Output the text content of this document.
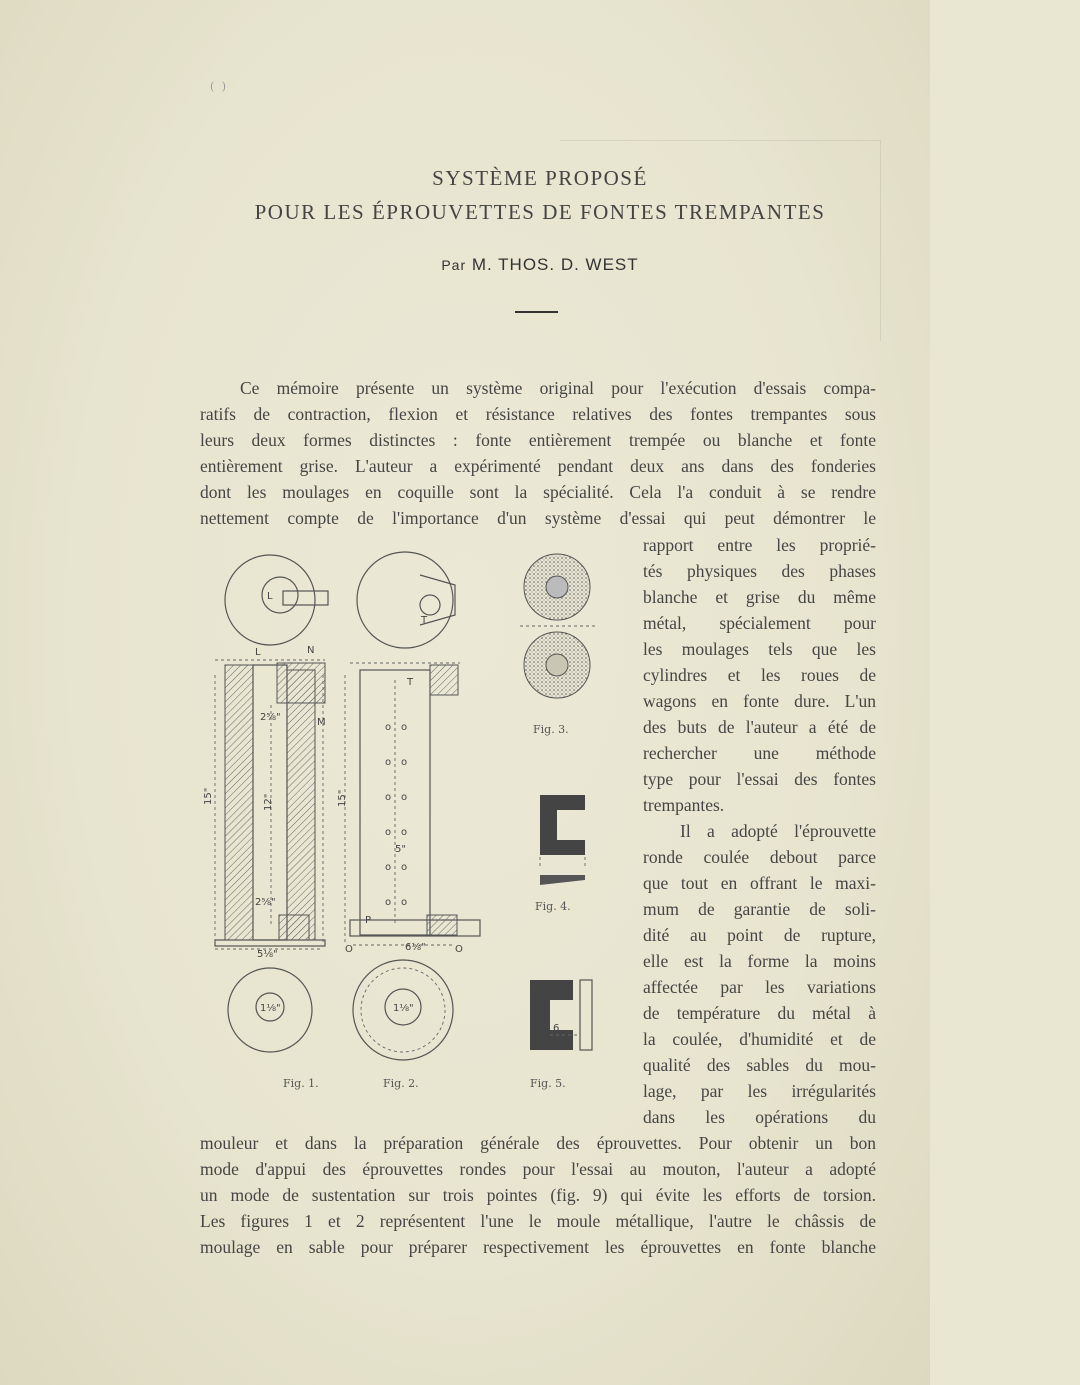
( )
SYSTÈME PROPOSÉ
POUR LES ÉPROUVETTES DE FONTES TREMPANTES
Par M. THOS. D. WEST
Ce mémoire présente un système original pour l'exécution d'essais compa-
ratifs de contraction, flexion et résistance relatives des fontes trempantes sous
leurs deux formes distinctes : fonte entièrement trempée ou blanche et fonte
entièrement grise. L'auteur a expérimenté pendant deux ans dans des fonderies
dont les moulages en coquille sont la spécialité. Cela l'a conduit à se rendre
nettement compte de l'importance d'un système d'essai qui peut démontrer le
rapport entre les proprié-
tés physiques des phases
blanche et grise du même
métal, spécialement pour
les moulages tels que les
cylindres et les roues de
wagons en fonte dure. L'un
des buts de l'auteur a été de
rechercher une méthode
type pour l'essai des fontes
trempantes.
Il a adopté l'éprouvette
ronde coulée debout parce
que tout en offrant le maxi-
mum de garantie de soli-
dité au point de rupture,
elle est la forme la moins
affectée par les variations
de température du métal à
la coulée, d'humidité et de
qualité des sables du mou-
lage, par les irrégularités
dans les opérations du
mouleur et dans la préparation générale des éprouvettes. Pour obtenir un bon
mode d'appui des éprouvettes rondes pour l'essai au mouton, l'auteur a adopté
un mode de sustentation sur trois pointes (fig. 9) qui évite les efforts de torsion.
Les figures 1 et 2 représentent l'une le moule métallique, l'autre le châssis de
moulage en sable pour préparer respectivement les éprouvettes en fonte blanche
L
15"	12"
2⅝"
2⅝"
L	N
M
5⅛"
1⅛"
Fig. 1.
T
o o
o o
o o
o o
o o
o o
15"
T
P
5"
O	O
6⅛"
1⅛"
Fig. 2.
Fig. 3.
Fig. 4.
6
Fig. 5.
